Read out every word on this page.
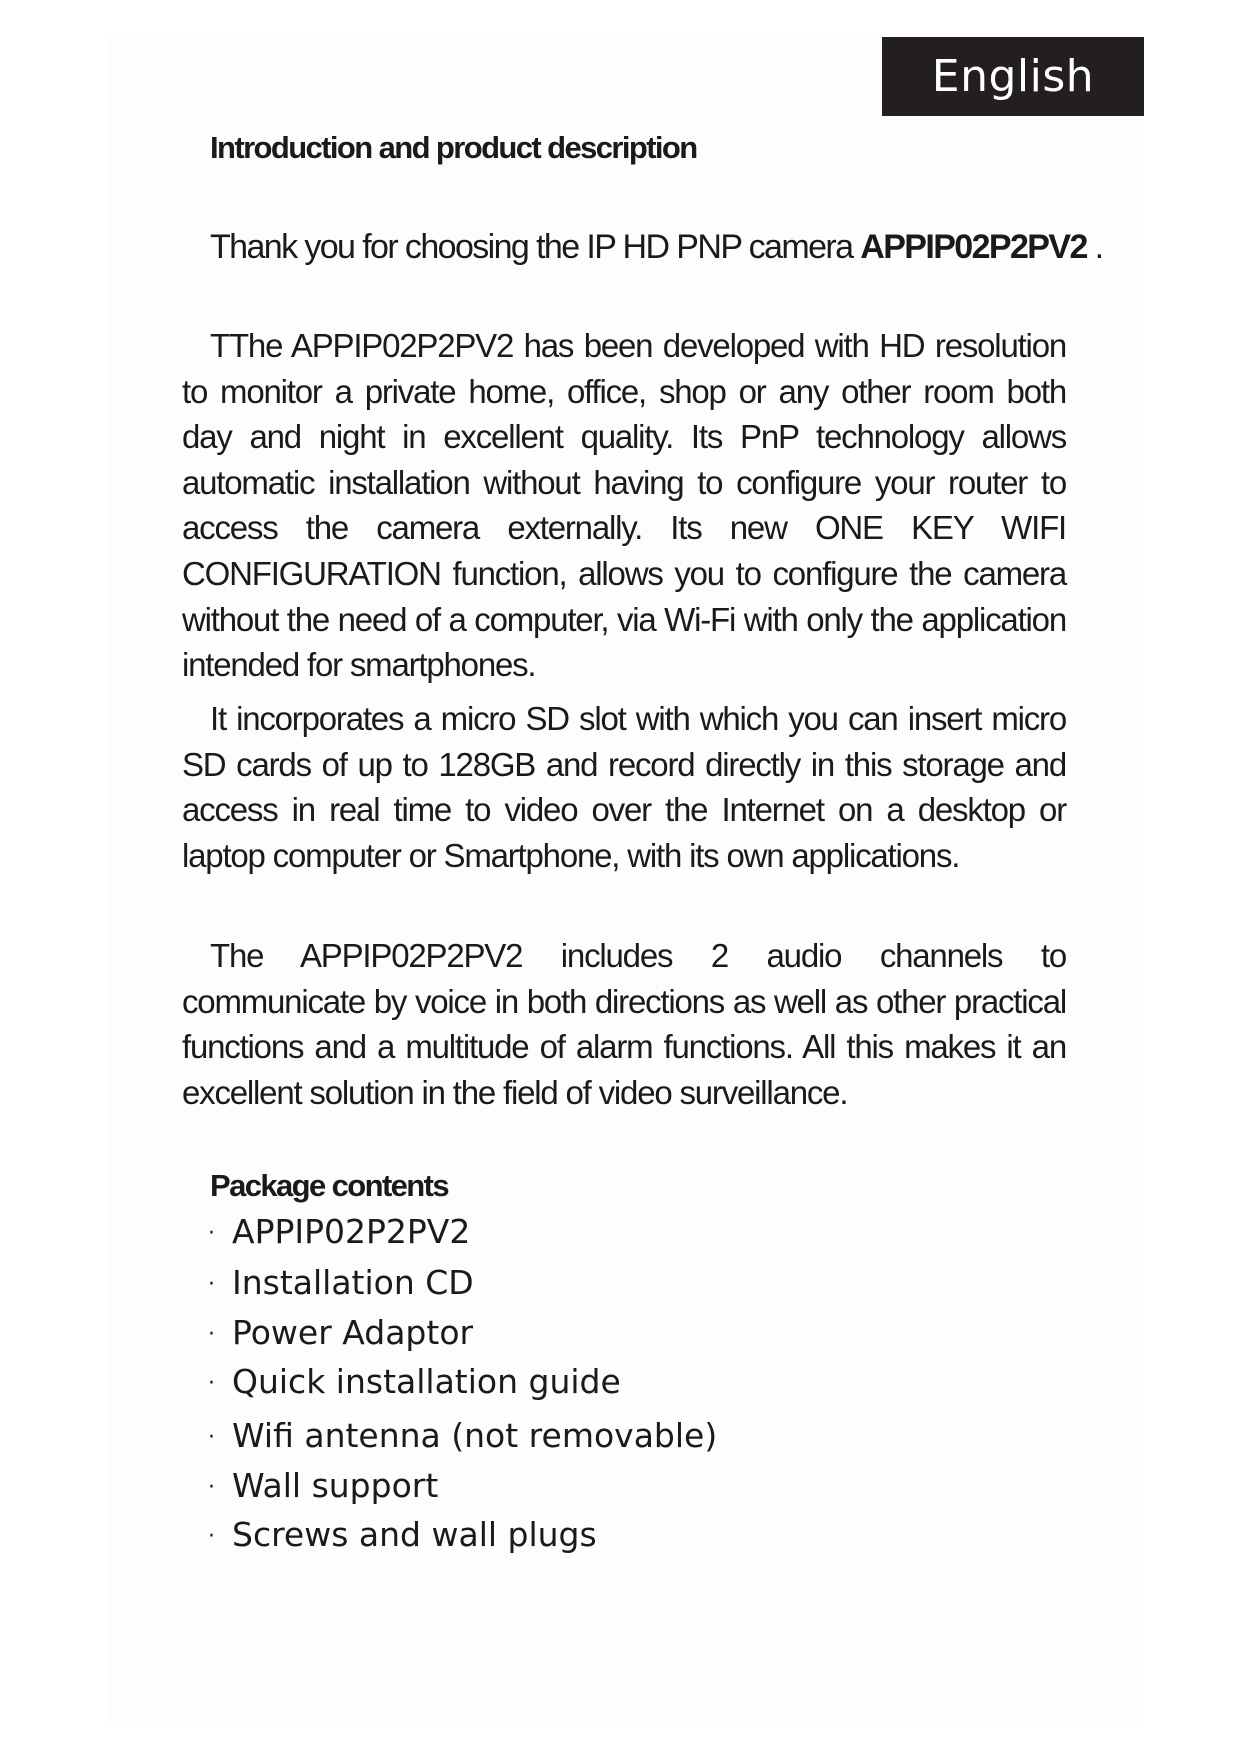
English
Introduction and product description
Thank you for choosing the IP HD PNP camera APPIP02P2PV2 .

TThe APPIP02P2PV2 has been developed with HD resolution to monitor a private home, office, shop or any other room both day and night in excellent quality. Its PnP technology allows automatic installation without having to configure your router to access the camera externally. Its new ONE KEY WIFI CONFIGURATION function, allows you to configure the camera without the need of a computer, via Wi-Fi with only the application intended for smartphones.

It incorporates a micro SD slot with which you can insert micro SD cards of up to 128GB and record directly in this storage and access in real time to video over the Internet on a desktop or laptop computer or Smartphone, with its own applications.

The APPIP02P2PV2 includes 2 audio channels to communicate by voice in both directions as well as other practical functions and a multitude of alarm functions. All this makes it an excellent solution in the field of video surveillance.

Package contents
· APPIP02P2PV2
· Installation CD
· Power Adaptor
· Quick installation guide
· Wifi antenna (not removable)
· Wall support
· Screws and wall plugs
